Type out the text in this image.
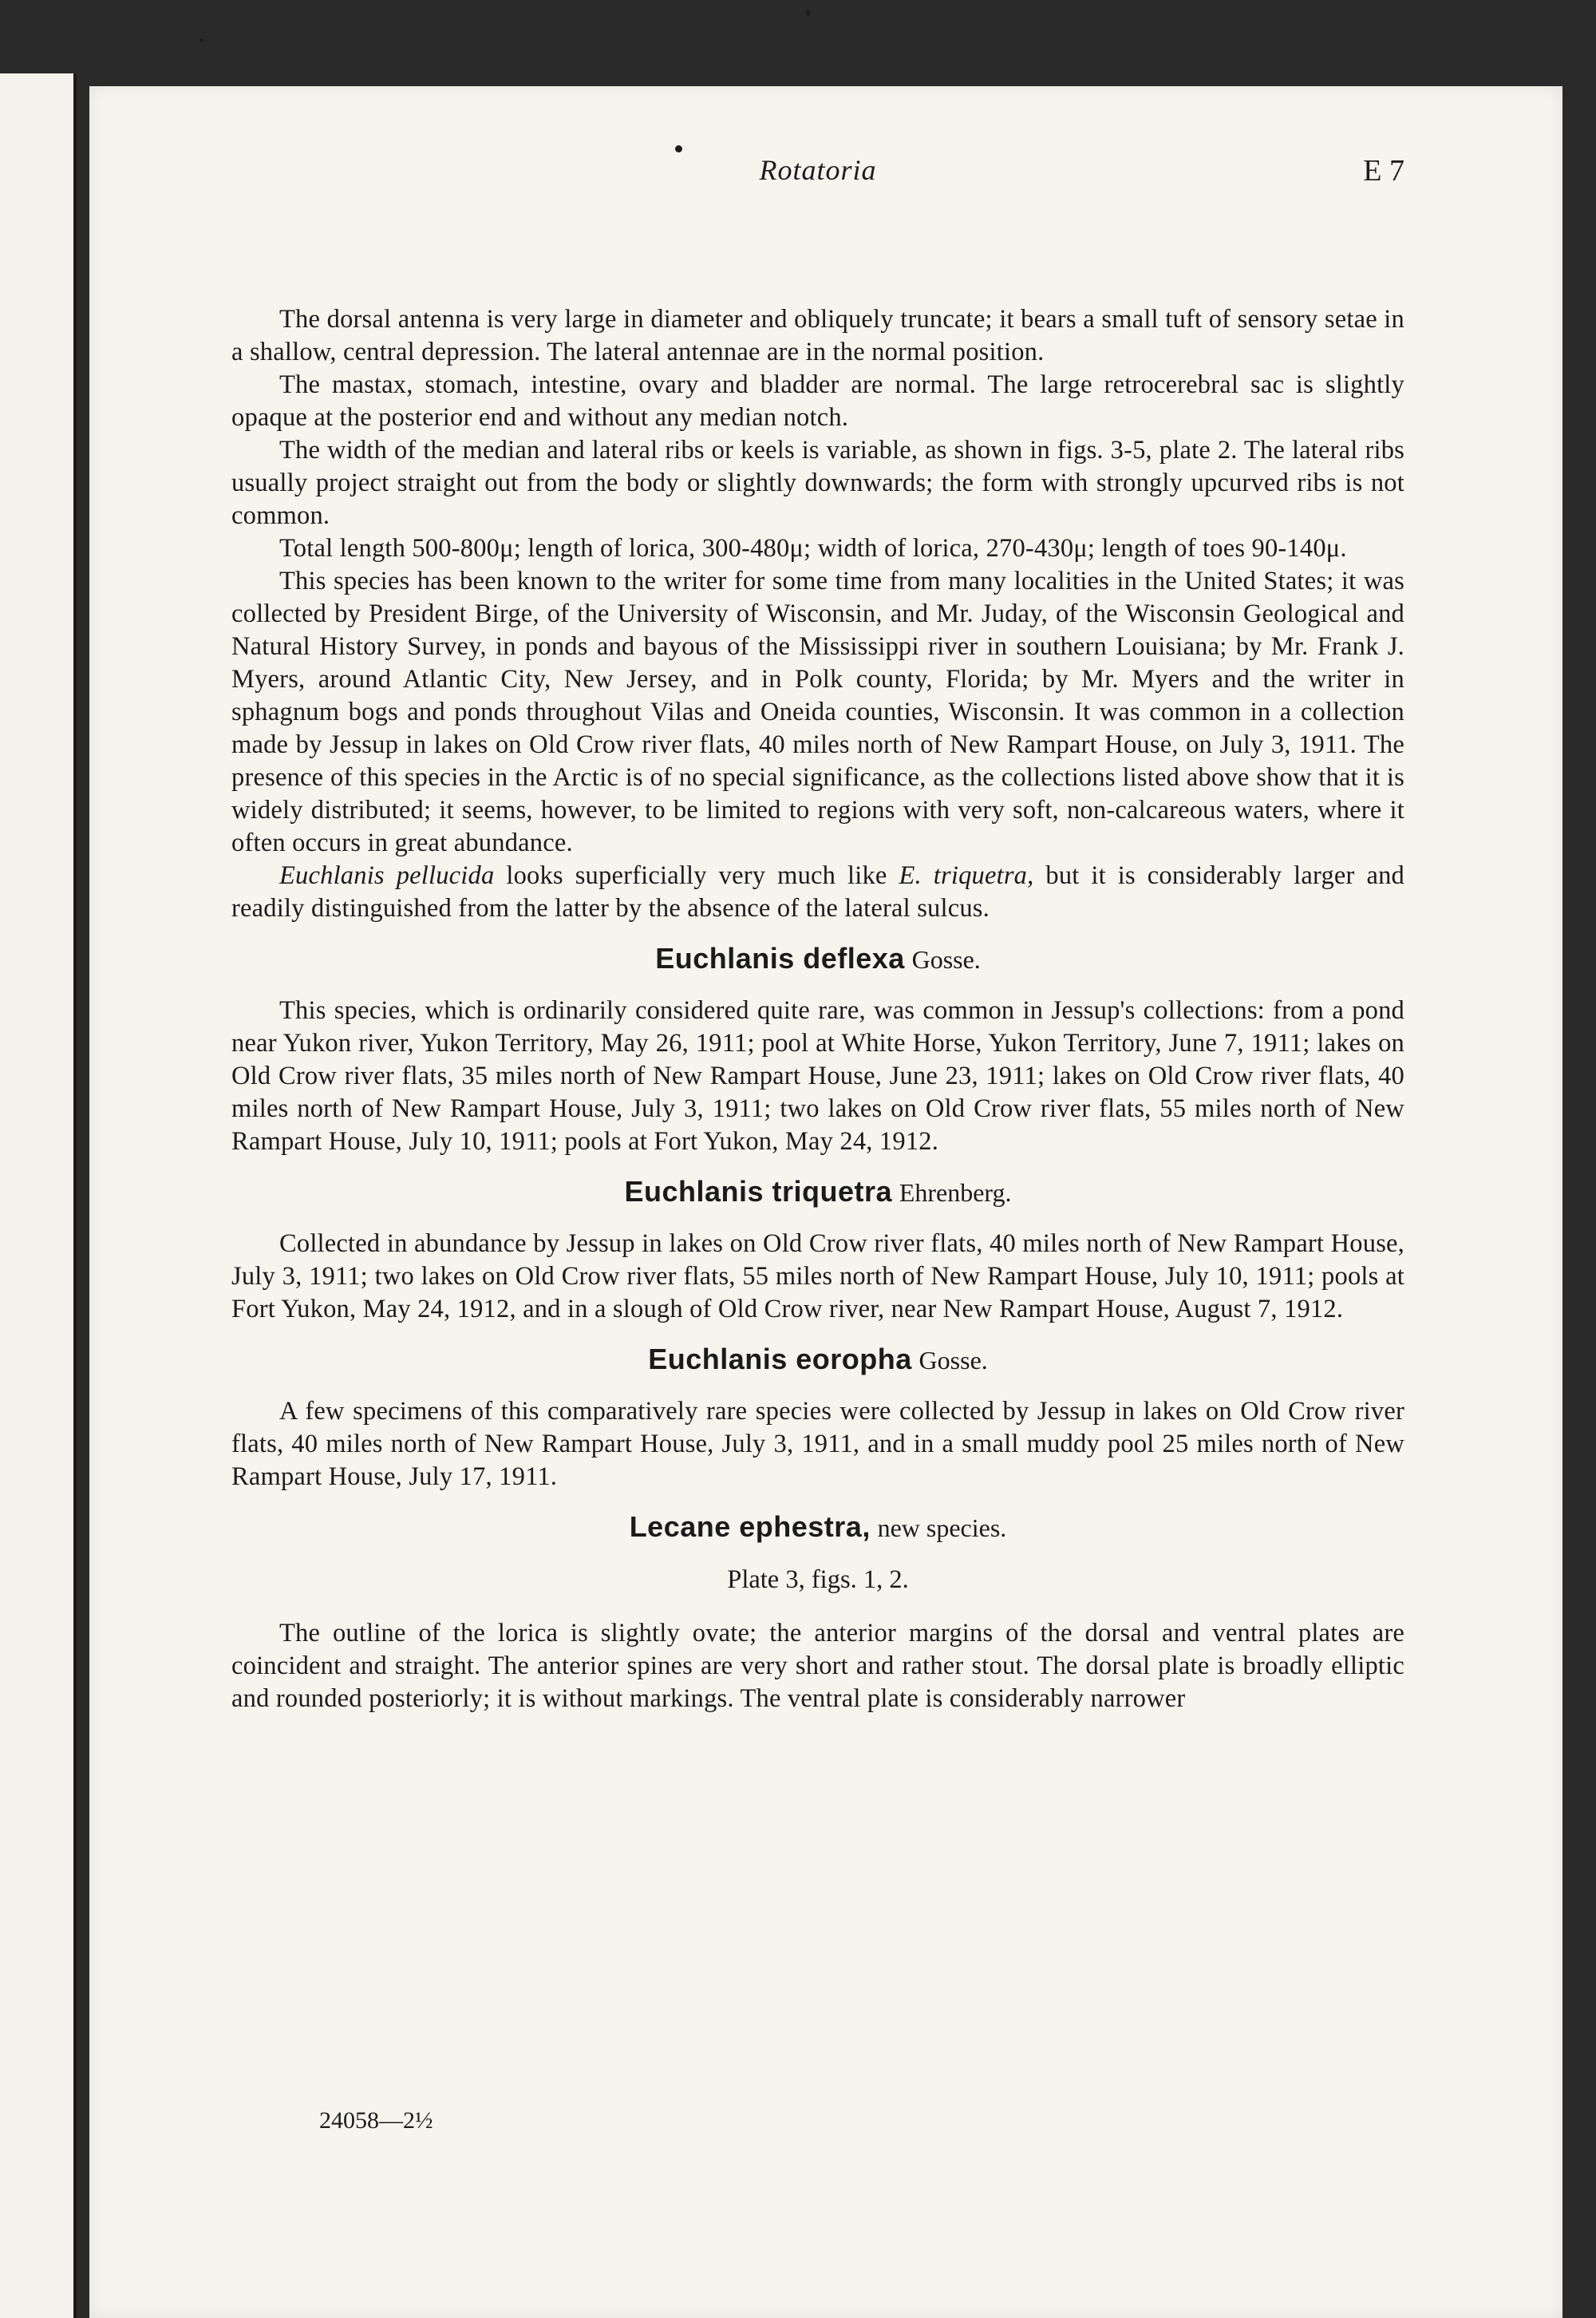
Rotatoria	E 7

The dorsal antenna is very large in diameter and obliquely truncate; it bears a small tuft of sensory setae in a shallow, central depression. The lateral antennae are in the normal position.

The mastax, stomach, intestine, ovary and bladder are normal. The large retrocerebral sac is slightly opaque at the posterior end and without any median notch.

The width of the median and lateral ribs or keels is variable, as shown in figs. 3-5, plate 2. The lateral ribs usually project straight out from the body or slightly downwards; the form with strongly upcurved ribs is not common.

Total length 500-800μ; length of lorica, 300-480μ; width of lorica, 270-430μ; length of toes 90-140μ.

This species has been known to the writer for some time from many localities in the United States; it was collected by President Birge, of the University of Wisconsin, and Mr. Juday, of the Wisconsin Geological and Natural History Survey, in ponds and bayous of the Mississippi river in southern Louisiana; by Mr. Frank J. Myers, around Atlantic City, New Jersey, and in Polk county, Florida; by Mr. Myers and the writer in sphagnum bogs and ponds throughout Vilas and Oneida counties, Wisconsin. It was common in a collection made by Jessup in lakes on Old Crow river flats, 40 miles north of New Rampart House, on July 3, 1911. The presence of this species in the Arctic is of no special significance, as the collections listed above show that it is widely distributed; it seems, however, to be limited to regions with very soft, non-calcareous waters, where it often occurs in great abundance.

Euchlanis pellucida looks superficially very much like E. triquetra, but it is considerably larger and readily distinguished from the latter by the absence of the lateral sulcus.

Euchlanis deflexa Gosse.

This species, which is ordinarily considered quite rare, was common in Jessup's collections: from a pond near Yukon river, Yukon Territory, May 26, 1911; pool at White Horse, Yukon Territory, June 7, 1911; lakes on Old Crow river flats, 35 miles north of New Rampart House, June 23, 1911; lakes on Old Crow river flats, 40 miles north of New Rampart House, July 3, 1911; two lakes on Old Crow river flats, 55 miles north of New Rampart House, July 10, 1911; pools at Fort Yukon, May 24, 1912.

Euchlanis triquetra Ehrenberg.

Collected in abundance by Jessup in lakes on Old Crow river flats, 40 miles north of New Rampart House, July 3, 1911; two lakes on Old Crow river flats, 55 miles north of New Rampart House, July 10, 1911; pools at Fort Yukon, May 24, 1912, and in a slough of Old Crow river, near New Rampart House, August 7, 1912.

Euchlanis eoropha Gosse.

A few specimens of this comparatively rare species were collected by Jessup in lakes on Old Crow river flats, 40 miles north of New Rampart House, July 3, 1911, and in a small muddy pool 25 miles north of New Rampart House, July 17, 1911.

Lecane ephestra, new species.
Plate 3, figs. 1, 2.

The outline of the lorica is slightly ovate; the anterior margins of the dorsal and ventral plates are coincident and straight. The anterior spines are very short and rather stout. The dorsal plate is broadly elliptic and rounded posteriorly; it is without markings. The ventral plate is considerably narrower

24058—2½
